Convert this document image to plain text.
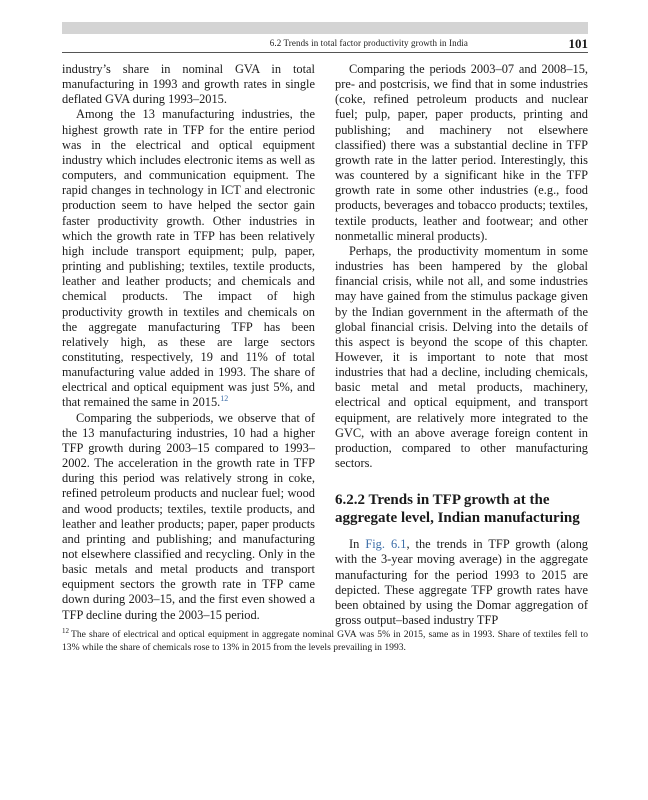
6.2 Trends in total factor productivity growth in India	101

industry’s share in nominal GVA in total manufacturing in 1993 and growth rates in single deflated GVA during 1993–2015.

Among the 13 manufacturing industries, the highest growth rate in TFP for the entire period was in the electrical and optical equipment industry which includes electronic items as well as computers, and communication equipment. The rapid changes in technology in ICT and electronic production seem to have helped the sector gain faster productivity growth. Other industries in which the growth rate in TFP has been relatively high include transport equipment; pulp, paper, printing and publishing; textiles, textile products, leather and leather products; and chemicals and chemical products. The impact of high productivity growth in textiles and chemicals on the aggregate manufacturing TFP has been relatively high, as these are large sectors constituting, respectively, 19 and 11% of total manufacturing value added in 1993. The share of electrical and optical equipment was just 5%, and that remained the same in 2015.12

Comparing the subperiods, we observe that of the 13 manufacturing industries, 10 had a higher TFP growth during 2003–15 compared to 1993–2002. The acceleration in the growth rate in TFP during this period was relatively strong in coke, refined petroleum products and nuclear fuel; wood and wood products; textiles, textile products, and leather and leather products; paper, paper products and printing and publishing; and manufacturing not elsewhere classified and recycling. Only in the basic metals and metal products and transport equipment sectors the growth rate in TFP came down during 2003–15, and the first even showed a TFP decline during the 2003–15 period.

Comparing the periods 2003–07 and 2008–15, pre- and postcrisis, we find that in some industries (coke, refined petroleum products and nuclear fuel; pulp, paper, paper products, printing and publishing; and machinery not elsewhere classified) there was a substantial decline in TFP growth rate in the latter period. Interestingly, this was countered by a significant hike in the TFP growth rate in some other industries (e.g., food products, beverages and tobacco products; textiles, textile products, leather and footwear; and other nonmetallic mineral products).

Perhaps, the productivity momentum in some industries has been hampered by the global financial crisis, while not all, and some industries may have gained from the stimulus package given by the Indian government in the aftermath of the global financial crisis. Delving into the details of this aspect is beyond the scope of this chapter. However, it is important to note that most industries that had a decline, including chemicals, basic metal and metal products, machinery, electrical and optical equipment, and transport equipment, are relatively more integrated to the GVC, with an above average foreign content in production, compared to other manufacturing sectors.

6.2.2 Trends in TFP growth at the aggregate level, Indian manufacturing

In Fig. 6.1, the trends in TFP growth (along with the 3-year moving average) in the aggregate manufacturing for the period 1993 to 2015 are depicted. These aggregate TFP growth rates have been obtained by using the Domar aggregation of gross output–based industry TFP

$^{12}$ The share of electrical and optical equipment in aggregate nominal GVA was 5% in 2015, same as in 1993. Share of textiles fell to 13% while the share of chemicals rose to 13% in 2015 from the levels prevailing in 1993.
